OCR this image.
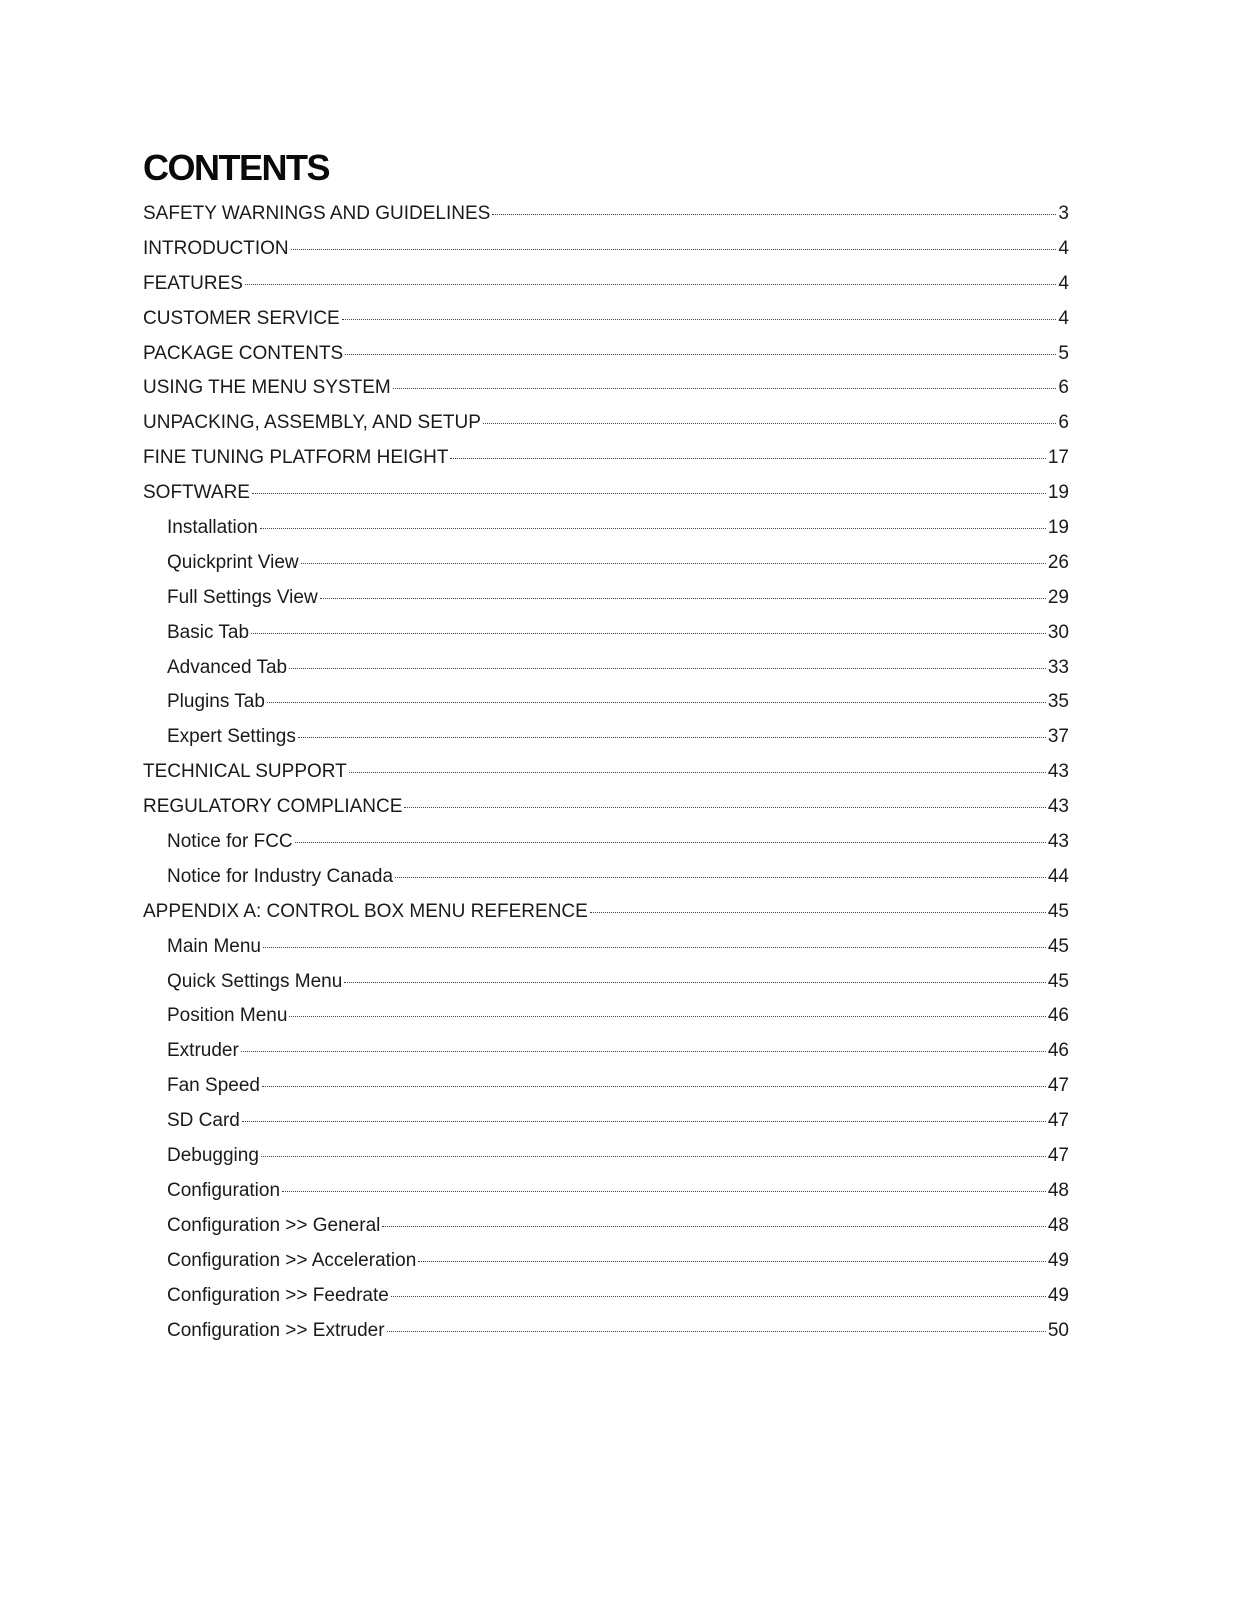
CONTENTS
SAFETY WARNINGS AND GUIDELINES	3
INTRODUCTION	4
FEATURES	4
CUSTOMER SERVICE	4
PACKAGE CONTENTS	5
USING THE MENU SYSTEM	6
UNPACKING, ASSEMBLY, AND SETUP	6
FINE TUNING PLATFORM HEIGHT	17
SOFTWARE	19
Installation	19
Quickprint View	26
Full Settings View	29
Basic Tab	30
Advanced Tab	33
Plugins Tab	35
Expert Settings	37
TECHNICAL SUPPORT	43
REGULATORY COMPLIANCE	43
Notice for FCC	43
Notice for Industry Canada	44
APPENDIX A: CONTROL BOX MENU REFERENCE	45
Main Menu	45
Quick Settings Menu	45
Position Menu	46
Extruder	46
Fan Speed	47
SD Card	47
Debugging	47
Configuration	48
Configuration >> General	48
Configuration >> Acceleration	49
Configuration >> Feedrate	49
Configuration >> Extruder	50
